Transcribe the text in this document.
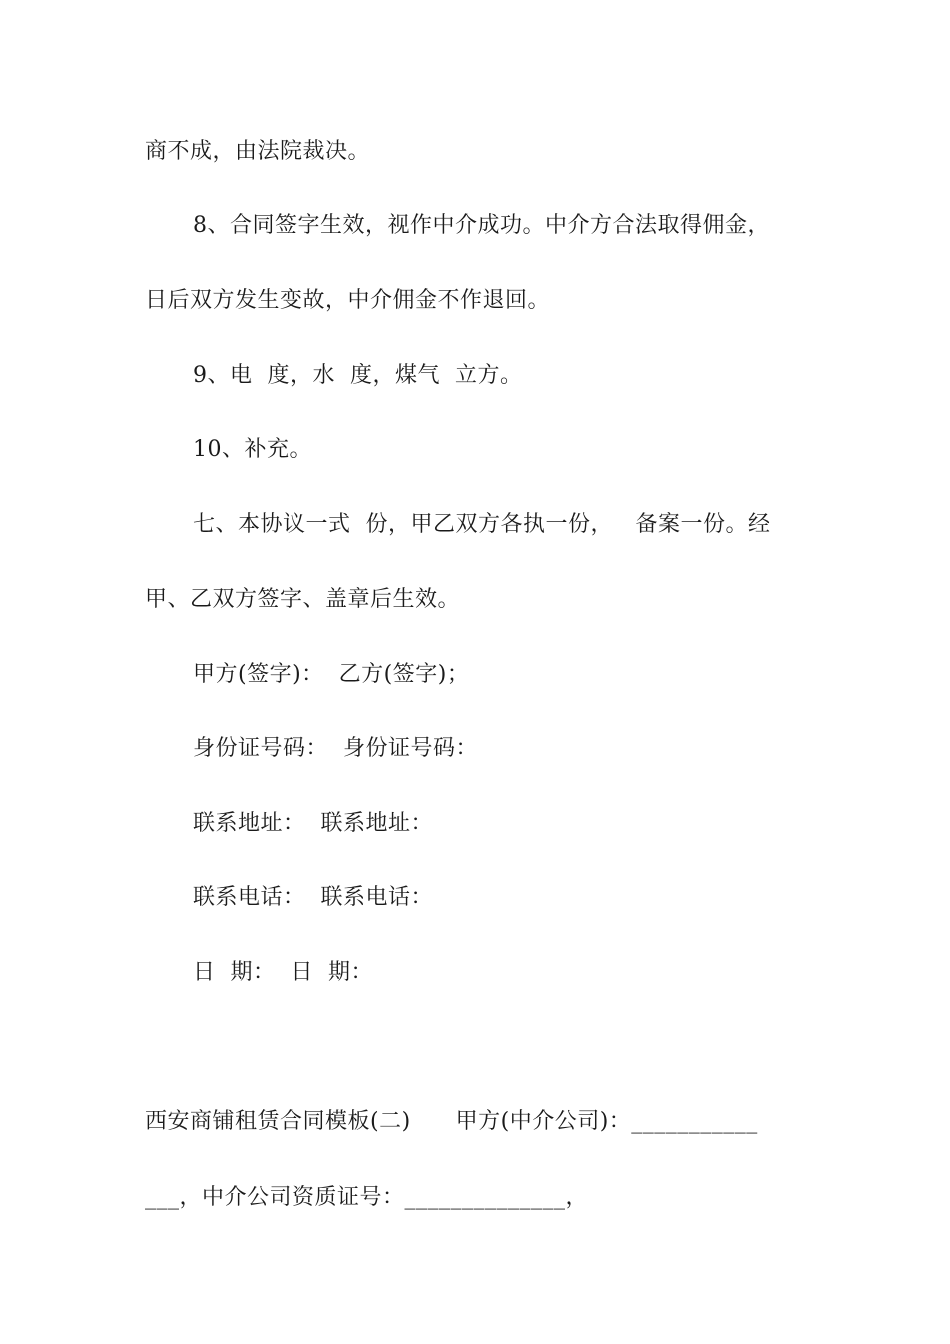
商不成，由法院裁决。
8、合同签字生效，视作中介成功。中介方合法取得佣金，
日后双方发生变故，中介佣金不作退回。
9、电  度，水  度，煤气  立方。
10、补充。
七、本协议一式  份，甲乙双方各执一份，   备案一份。经
甲、乙双方签字、盖章后生效。
甲方(签字)：  乙方(签字)；
身份证号码：  身份证号码：
联系地址：  联系地址：
联系电话：  联系电话：
日  期：  日  期：
西安商铺租赁合同模板(二)      甲方(中介公司)：___________
___，中介公司资质证号：______________，
